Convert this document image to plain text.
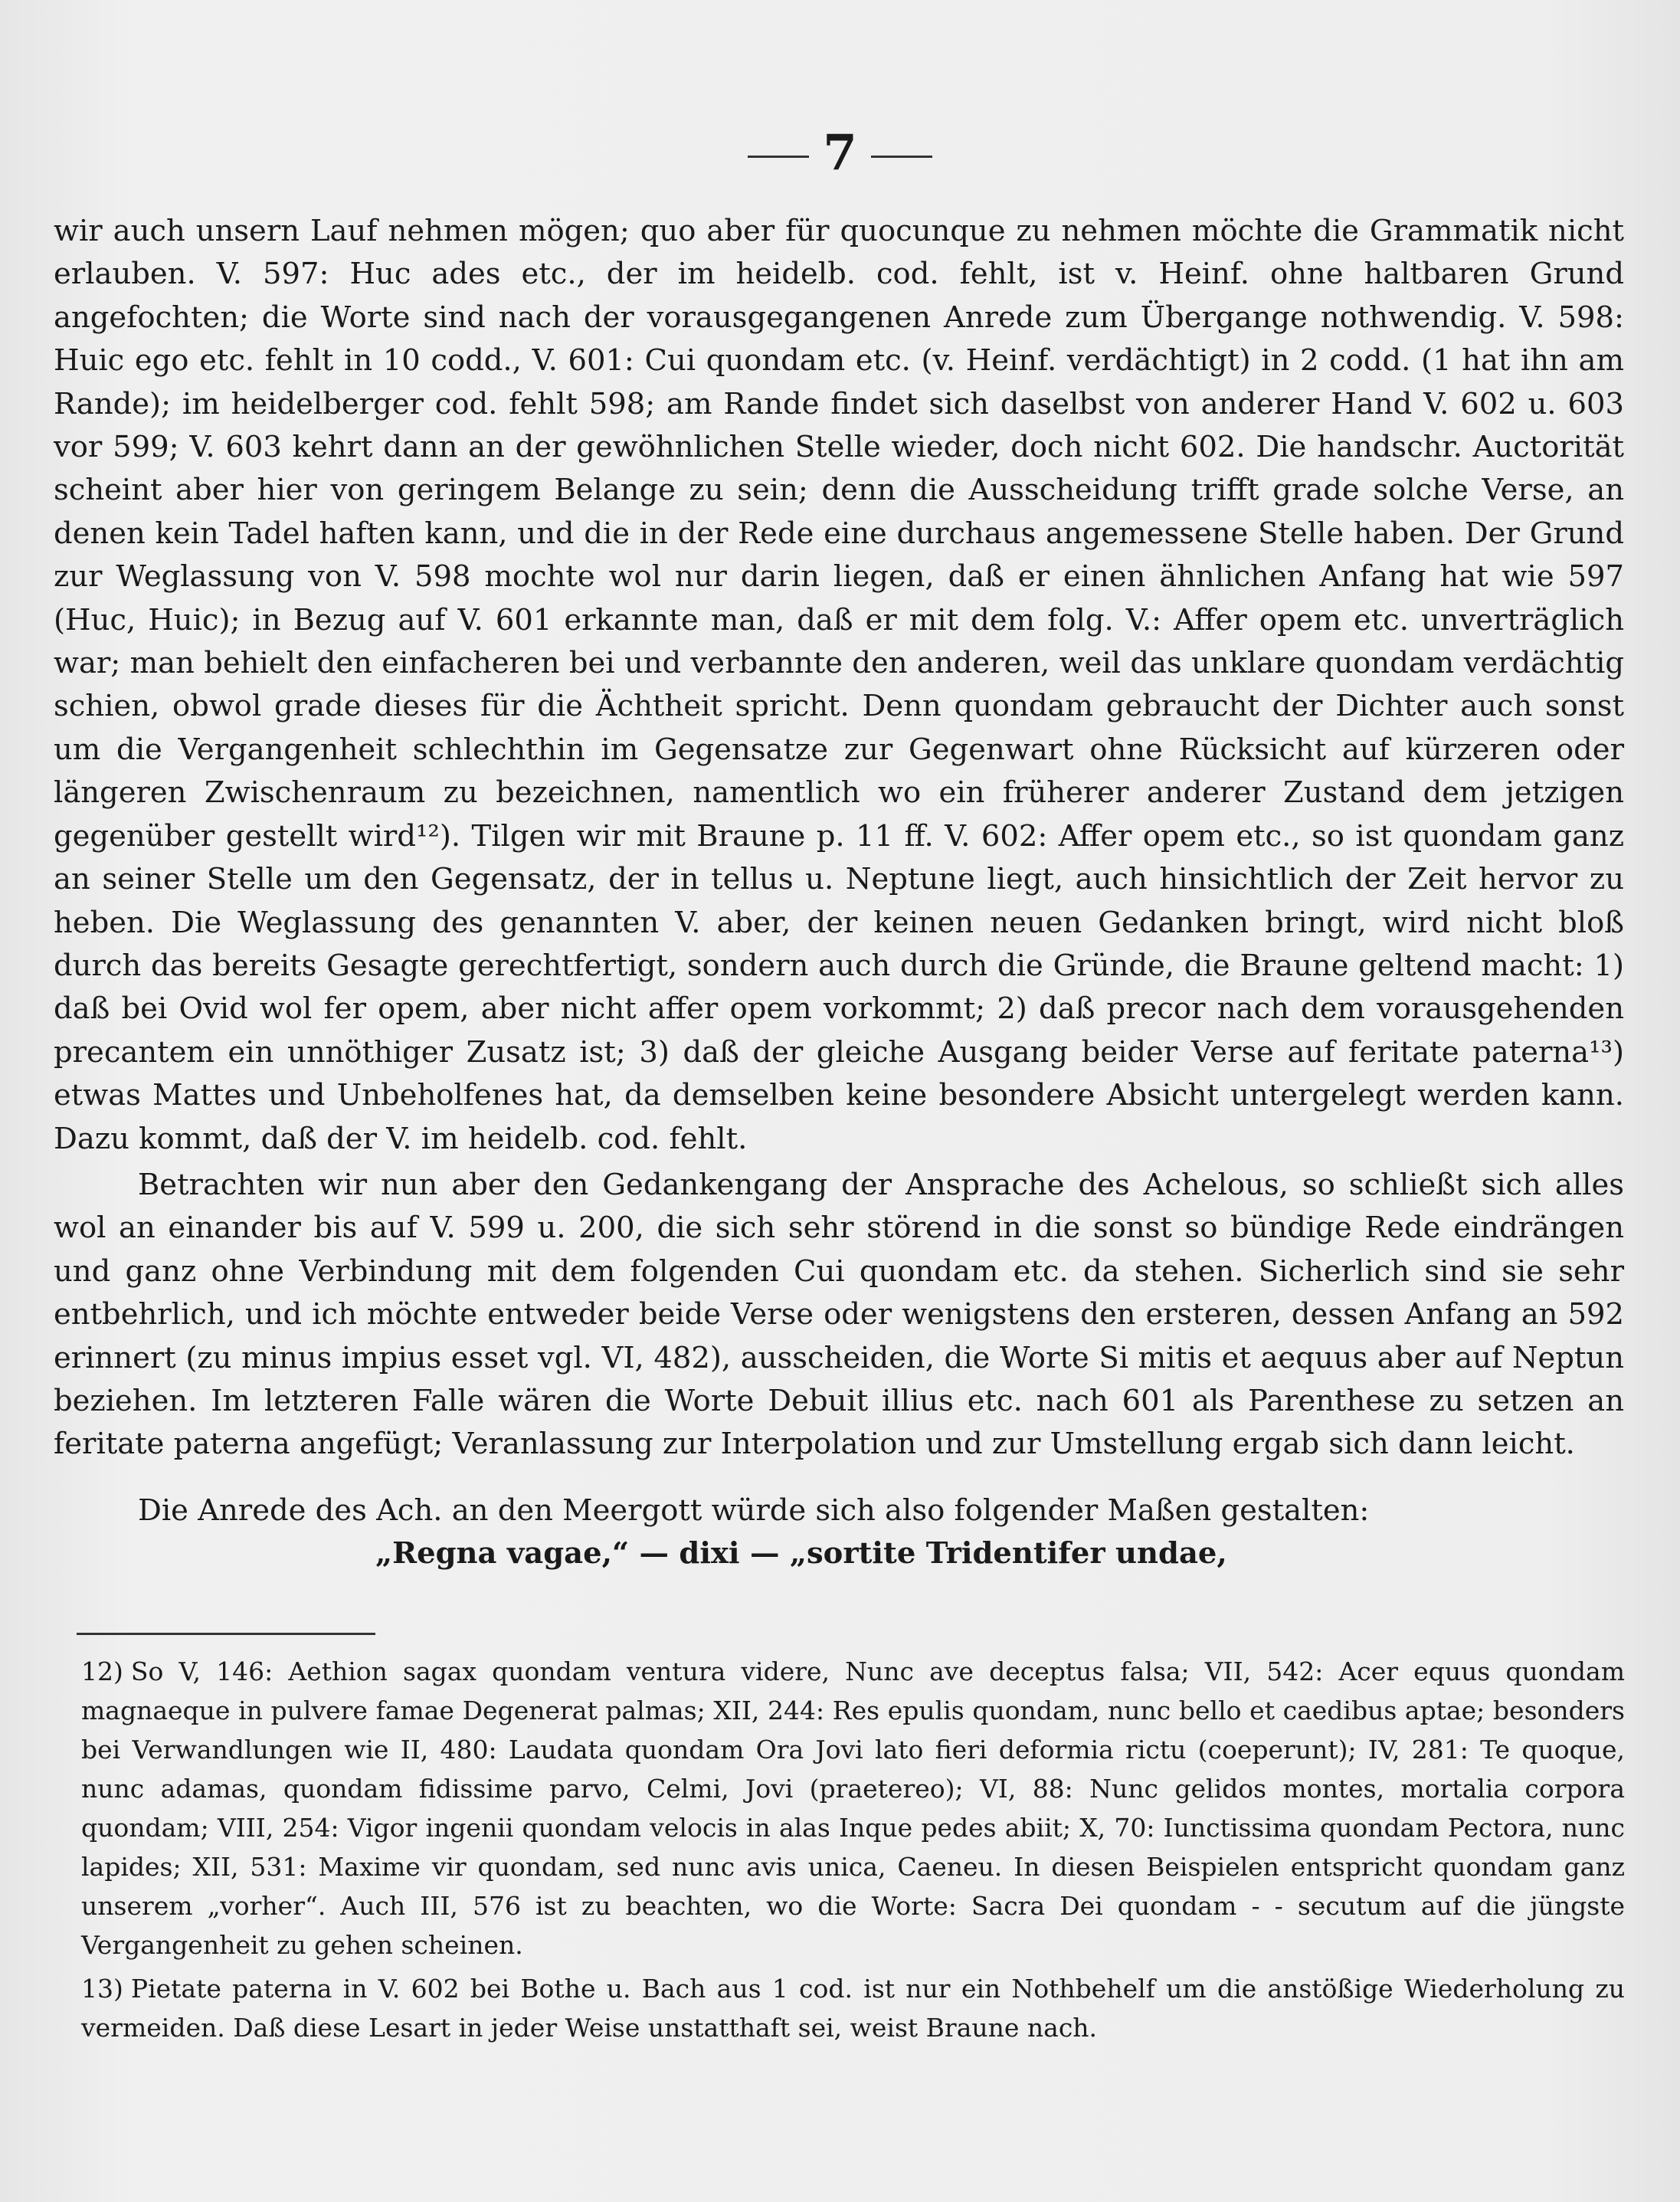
7

wir auch unsern Lauf nehmen mögen; quo aber für quocunque zu nehmen möchte die Grammatik nicht erlauben. V. 597: Huc ades etc., der im heidelb. cod. fehlt, ist v. Heinf. ohne haltbaren Grund angefochten; die Worte sind nach der vorausgegangenen Anrede zum Übergange nothwendig. V. 598: Huic ego etc. fehlt in 10 codd., V. 601: Cui quondam etc. (v. Heinf. verdächtigt) in 2 codd. (1 hat ihn am Rande); im heidelberger cod. fehlt 598; am Rande findet sich daselbst von anderer Hand V. 602 u. 603 vor 599; V. 603 kehrt dann an der gewöhnlichen Stelle wieder, doch nicht 602. Die handschr. Auctorität scheint aber hier von geringem Belange zu sein; denn die Ausscheidung trifft grade solche Verse, an denen kein Tadel haften kann, und die in der Rede eine durchaus angemessene Stelle haben. Der Grund zur Weglassung von V. 598 mochte wol nur darin liegen, daß er einen ähnlichen Anfang hat wie 597 (Huc, Huic); in Bezug auf V. 601 erkannte man, daß er mit dem folg. V.: Affer opem etc. unverträglich war; man behielt den einfacheren bei und verbannte den anderen, weil das unklare quondam verdächtig schien, obwol grade dieses für die Ächtheit spricht. Denn quondam gebraucht der Dichter auch sonst um die Vergangenheit schlechthin im Gegensatze zur Gegenwart ohne Rücksicht auf kürzeren oder längeren Zwischenraum zu bezeichnen, namentlich wo ein früherer anderer Zustand dem jetzigen gegenüber gestellt wird¹²). Tilgen wir mit Braune p. 11 ff. V. 602: Affer opem etc., so ist quondam ganz an seiner Stelle um den Gegensatz, der in tellus u. Neptune liegt, auch hinsichtlich der Zeit hervor zu heben. Die Weglassung des genannten V. aber, der keinen neuen Gedanken bringt, wird nicht bloß durch das bereits Gesagte gerechtfertigt, sondern auch durch die Gründe, die Braune geltend macht: 1) daß bei Ovid wol fer opem, aber nicht affer opem vorkommt; 2) daß precor nach dem vorausgehenden precantem ein unnöthiger Zusatz ist; 3) daß der gleiche Ausgang beider Verse auf feritate paterna¹³) etwas Mattes und Unbeholfenes hat, da demselben keine besondere Absicht untergelegt werden kann. Dazu kommt, daß der V. im heidelb. cod. fehlt.

Betrachten wir nun aber den Gedankengang der Ansprache des Achelous, so schließt sich alles wol an einander bis auf V. 599 u. 200, die sich sehr störend in die sonst so bündige Rede eindrängen und ganz ohne Verbindung mit dem folgenden Cui quondam etc. da stehen. Sicherlich sind sie sehr entbehrlich, und ich möchte entweder beide Verse oder wenigstens den ersteren, dessen Anfang an 592 erinnert (zu minus impius esset vgl. VI, 482), ausscheiden, die Worte Si mitis et aequus aber auf Neptun beziehen. Im letzteren Falle wären die Worte Debuit illius etc. nach 601 als Parenthese zu setzen an feritate paterna angefügt; Veranlassung zur Interpolation und zur Umstellung ergab sich dann leicht.

Die Anrede des Ach. an den Meergott würde sich also folgender Maßen gestalten:

„Regna vagae,“ — dixi — „sortite Tridentifer undae,

12) So V, 146: Aethion sagax quondam ventura videre, Nunc ave deceptus falsa; VII, 542: Acer equus quondam magnaeque in pulvere famae Degenerat palmas; XII, 244: Res epulis quondam, nunc bello et caedibus aptae; besonders bei Verwandlungen wie II, 480: Laudata quondam Ora Jovi lato fieri deformia rictu (coeperunt); IV, 281: Te quoque, nunc adamas, quondam fidissime parvo, Celmi, Jovi (praetereo); VI, 88: Nunc gelidos montes, mortalia corpora quondam; VIII, 254: Vigor ingenii quondam velocis in alas Inque pedes abiit; X, 70: Iunctissima quondam Pectora, nunc lapides; XII, 531: Maxime vir quondam, sed nunc avis unica, Caeneu. In diesen Beispielen entspricht quondam ganz unserem „vorher“. Auch III, 576 ist zu beachten, wo die Worte: Sacra Dei quondam - - secutum auf die jüngste Vergangenheit zu gehen scheinen.

13) Pietate paterna in V. 602 bei Bothe u. Bach aus 1 cod. ist nur ein Nothbehelf um die anstößige Wiederholung zu vermeiden. Daß diese Lesart in jeder Weise unstatthaft sei, weist Braune nach.
